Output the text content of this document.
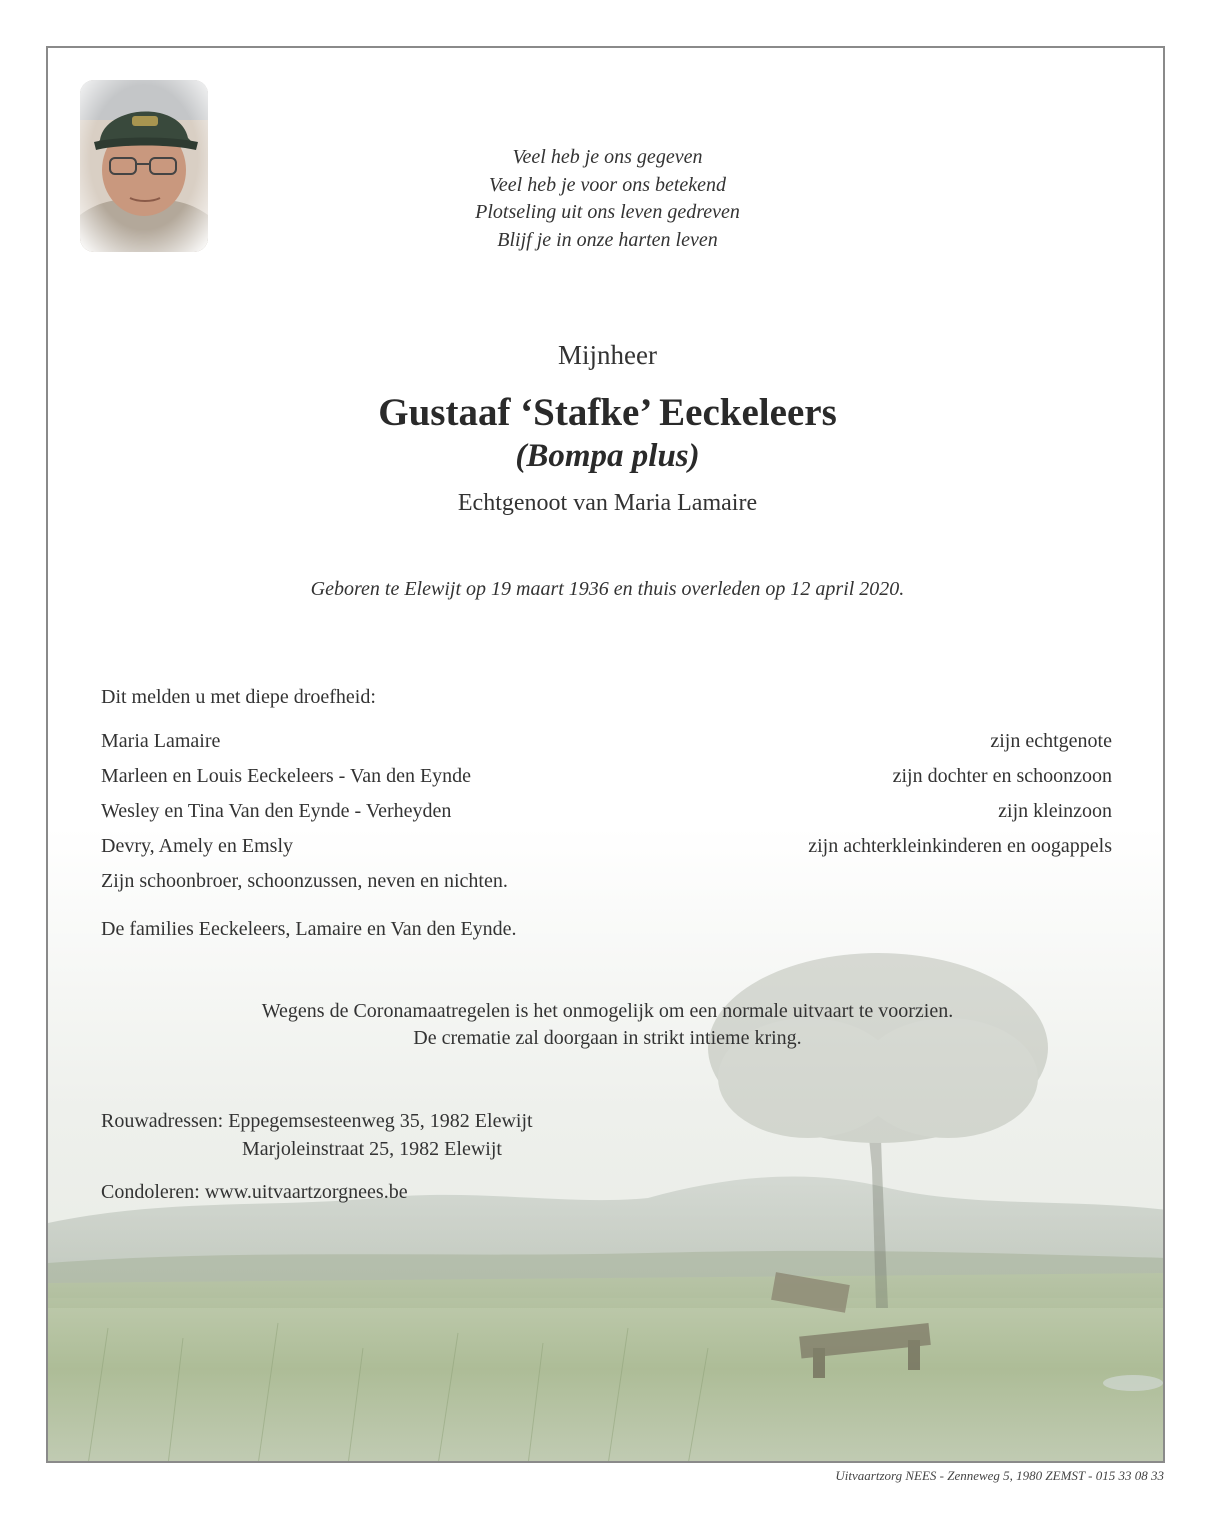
Veel heb je ons gegeven
Veel heb je voor ons betekend
Plotseling uit ons leven gedreven
Blijf je in onze harten leven
Mijnheer
Gustaaf ‘Stafke’ Eeckeleers
(Bompa plus)
Echtgenoot van Maria Lamaire
Geboren te Elewijt op 19 maart 1936 en thuis overleden op 12 april 2020.
Dit melden u met diepe droefheid:
Maria Lamaire	zijn echtgenote
Marleen en Louis Eeckeleers - Van den Eynde	zijn dochter en schoonzoon
Wesley en Tina Van den Eynde - Verheyden	zijn kleinzoon
Devry, Amely en Emsly	zijn achterkleinkinderen en oogappels
Zijn schoonbroer, schoonzussen, neven en nichten.
De families Eeckeleers, Lamaire en Van den Eynde.
Wegens de Coronamaatregelen is het onmogelijk om een normale uitvaart te voorzien.
De crematie zal doorgaan in strikt intieme kring.
Rouwadressen: Eppegemsesteenweg 35, 1982 Elewijt
Marjoleinstraat 25, 1982 Elewijt
Condoleren: www.uitvaartzorgnees.be
Uitvaartzorg NEES - Zenneweg 5, 1980 ZEMST - 015 33 08 33
